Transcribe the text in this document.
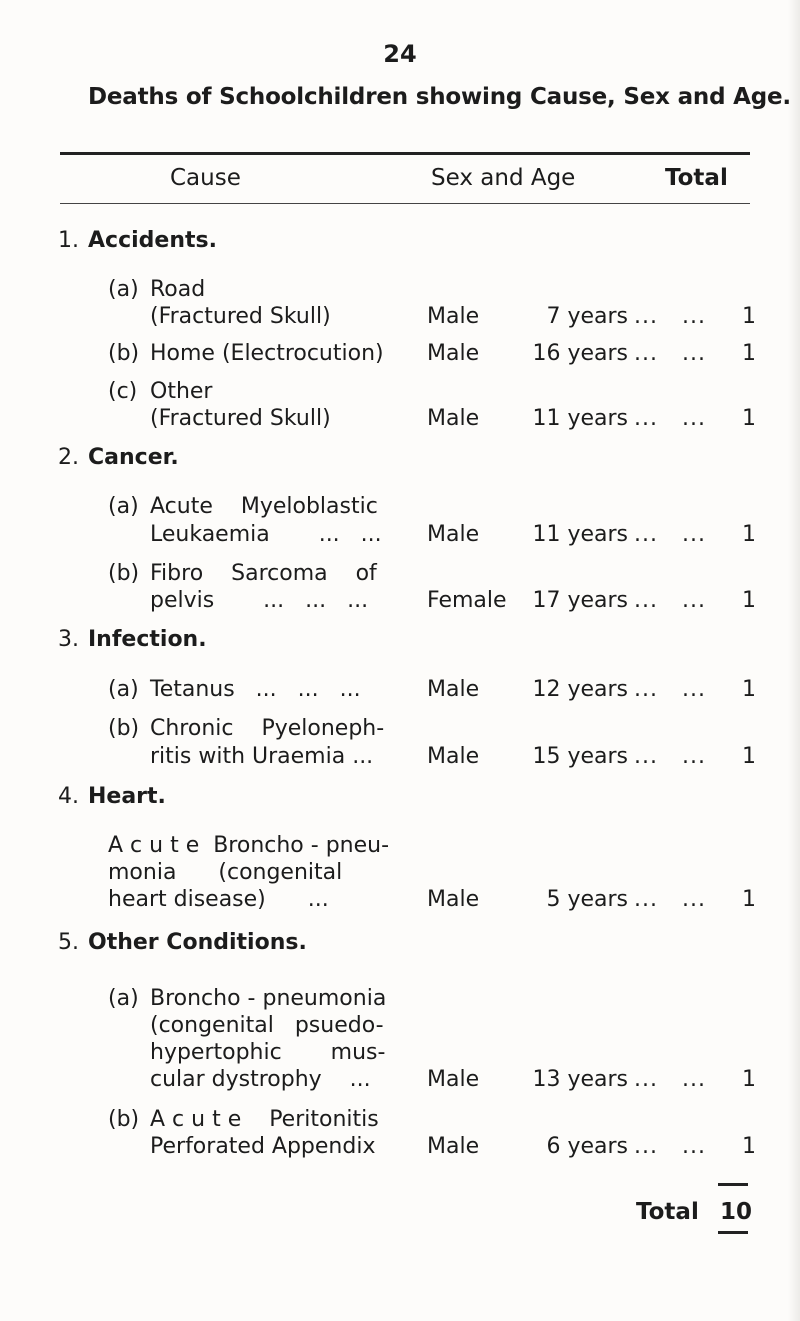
24
Deaths of Schoolchildren showing Cause, Sex and Age.
Cause	Sex and Age	Total
1. Accidents.
(a) Road
(Fractured Skull)	Male	7 years ...   ...	1
(b) Home (Electrocution) Male	16 years ...   ...	1
(c) Other
(Fractured Skull)	Male	11 years ...   ...	1
2. Cancer.
(a) Acute    Myeloblastic
Leukaemia       ...   ... Male	11 years ...   ...	1
(b) Fibro    Sarcoma    of
pelvis       ...   ...   ...	Female	17 years ...   ...	1
3. Infection.
(a) Tetanus   ...   ...   ...	Male	12 years ...   ...	1
(b) Chronic    Pyeloneph-
ritis with Uraemia ... Male	15 years ...   ...	1
4. Heart.
A c u t e  Broncho - pneu-
monia      (congenital
heart disease)      ...	Male	5 years ...   ...	1
5. Other Conditions.
(a) Broncho - pneumonia
(congenital   psuedo-
hypertophic       mus-
cular dystrophy    ...	Male	13 years ...   ...	1
(b) A c u t e    Peritonitis
Perforated Appendix Male	6 years ...   ...	1
Total 10
